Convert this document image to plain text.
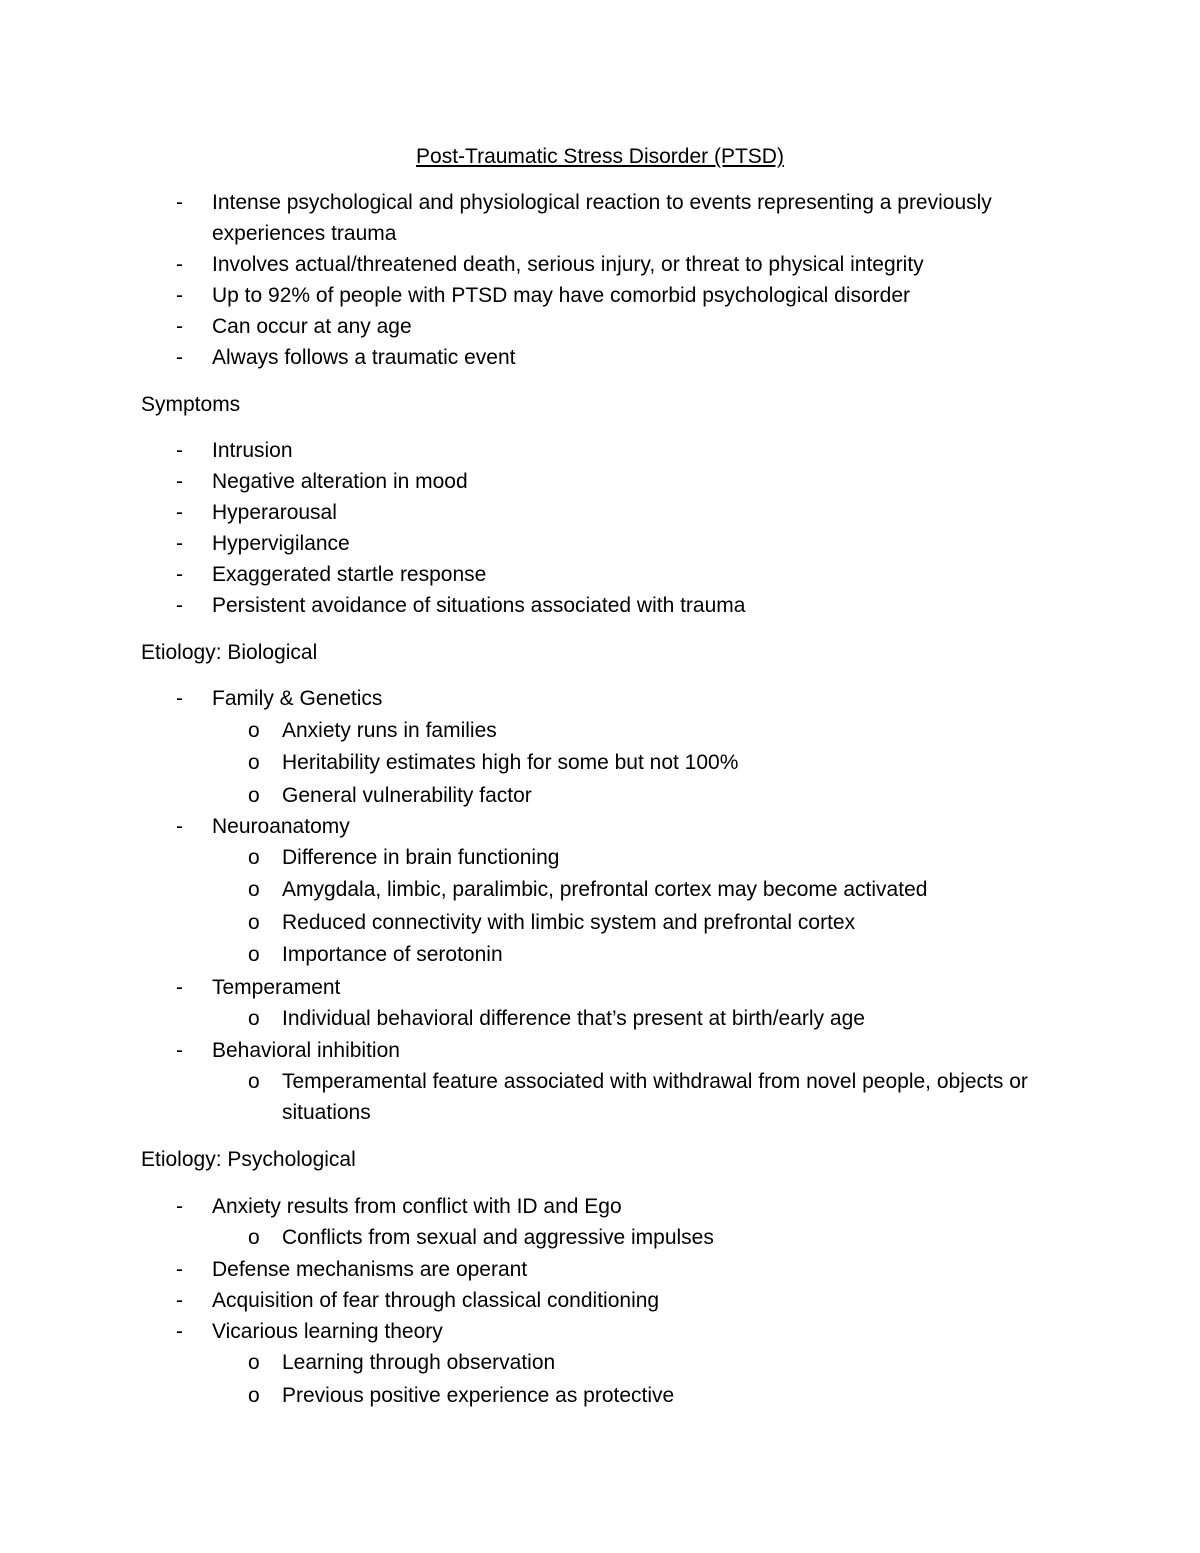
Post-Traumatic Stress Disorder (PTSD)
- Intense psychological and physiological reaction to events representing a previously experiences trauma
- Involves actual/threatened death, serious injury, or threat to physical integrity
- Up to 92% of people with PTSD may have comorbid psychological disorder
- Can occur at any age
- Always follows a traumatic event
Symptoms
- Intrusion
- Negative alteration in mood
- Hyperarousal
- Hypervigilance
- Exaggerated startle response
- Persistent avoidance of situations associated with trauma
Etiology: Biological
- Family & Genetics
o Anxiety runs in families
o Heritability estimates high for some but not 100%
o General vulnerability factor
- Neuroanatomy
o Difference in brain functioning
o Amygdala, limbic, paralimbic, prefrontal cortex may become activated
o Reduced connectivity with limbic system and prefrontal cortex
o Importance of serotonin
- Temperament
o Individual behavioral difference that’s present at birth/early age
- Behavioral inhibition
o Temperamental feature associated with withdrawal from novel people, objects or situations
Etiology: Psychological
- Anxiety results from conflict with ID and Ego
o Conflicts from sexual and aggressive impulses
- Defense mechanisms are operant
- Acquisition of fear through classical conditioning
- Vicarious learning theory
o Learning through observation
o Previous positive experience as protective
